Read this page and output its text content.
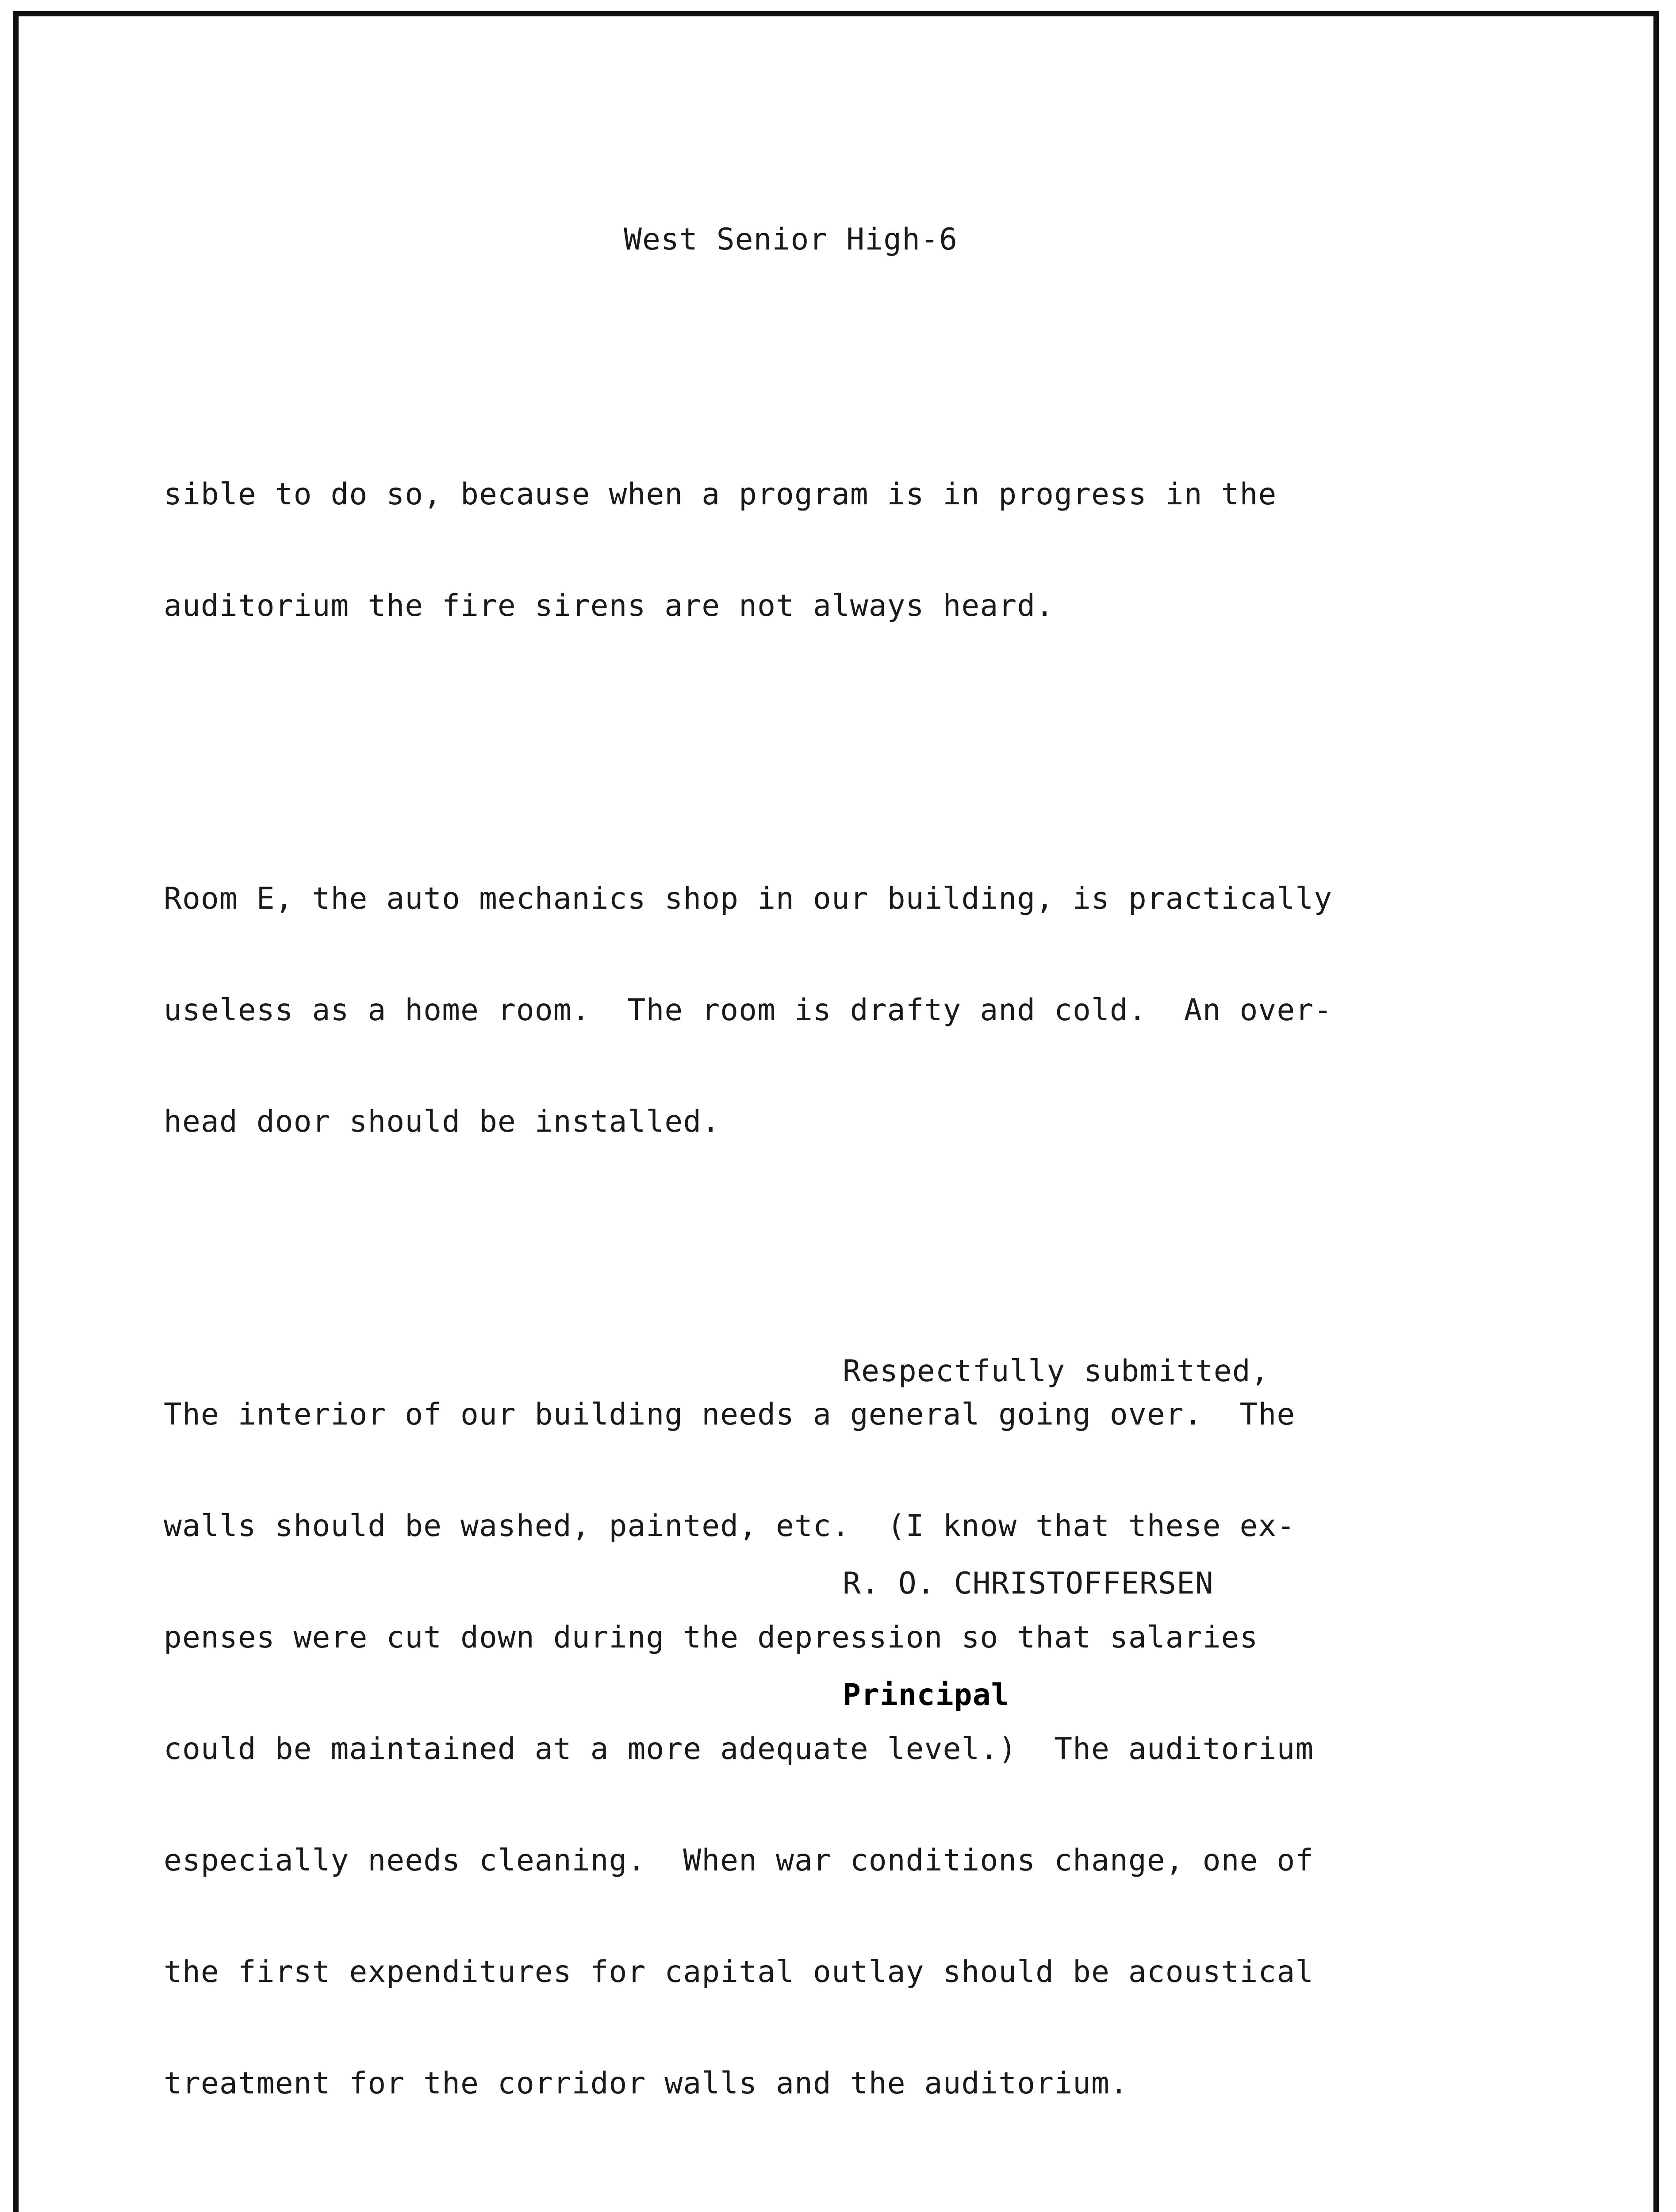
West Senior High-6

sible to do so, because when a program is in progress in the

auditorium the fire sirens are not always heard.

Room E, the auto mechanics shop in our building, is practically

useless as a home room.  The room is drafty and cold.  An over-

head door should be installed.

The interior of our building needs a general going over.  The

walls should be washed, painted, etc.  (I know that these ex-

penses were cut down during the depression so that salaries

could be maintained at a more adequate level.)  The auditorium

especially needs cleaning.  When war conditions change, one of

the first expenditures for capital outlay should be acoustical

treatment for the corridor walls and the auditorium.

Respectfully submitted,

R. O. CHRISTOFFERSEN

Principal
